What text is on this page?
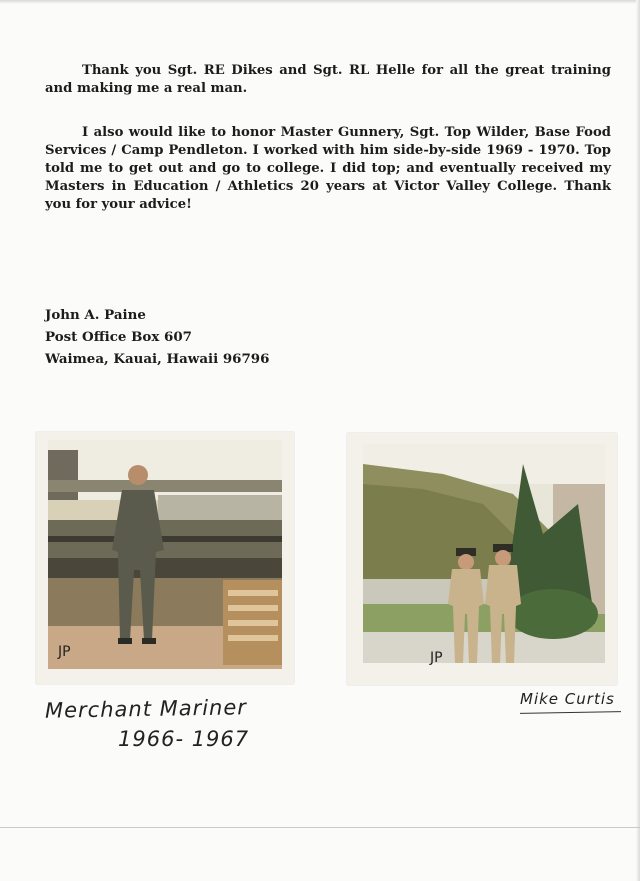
Thank you Sgt. RE Dikes and Sgt. RL Helle for all the great training and making me a real man.

I also would like to honor Master Gunnery, Sgt. Top Wilder, Base Food Services / Camp Pendleton. I worked with him side-by-side 1969 - 1970. Top told me to get out and go to college. I did top; and eventually received my Masters in Education / Athletics 20 years at Victor Valley College. Thank you for your advice!

John A. Paine
Post Office Box 607
Waimea, Kauai, Hawaii 96796
JP	JP
Merchant Mariner
1966- 1967
Mike Curtis
